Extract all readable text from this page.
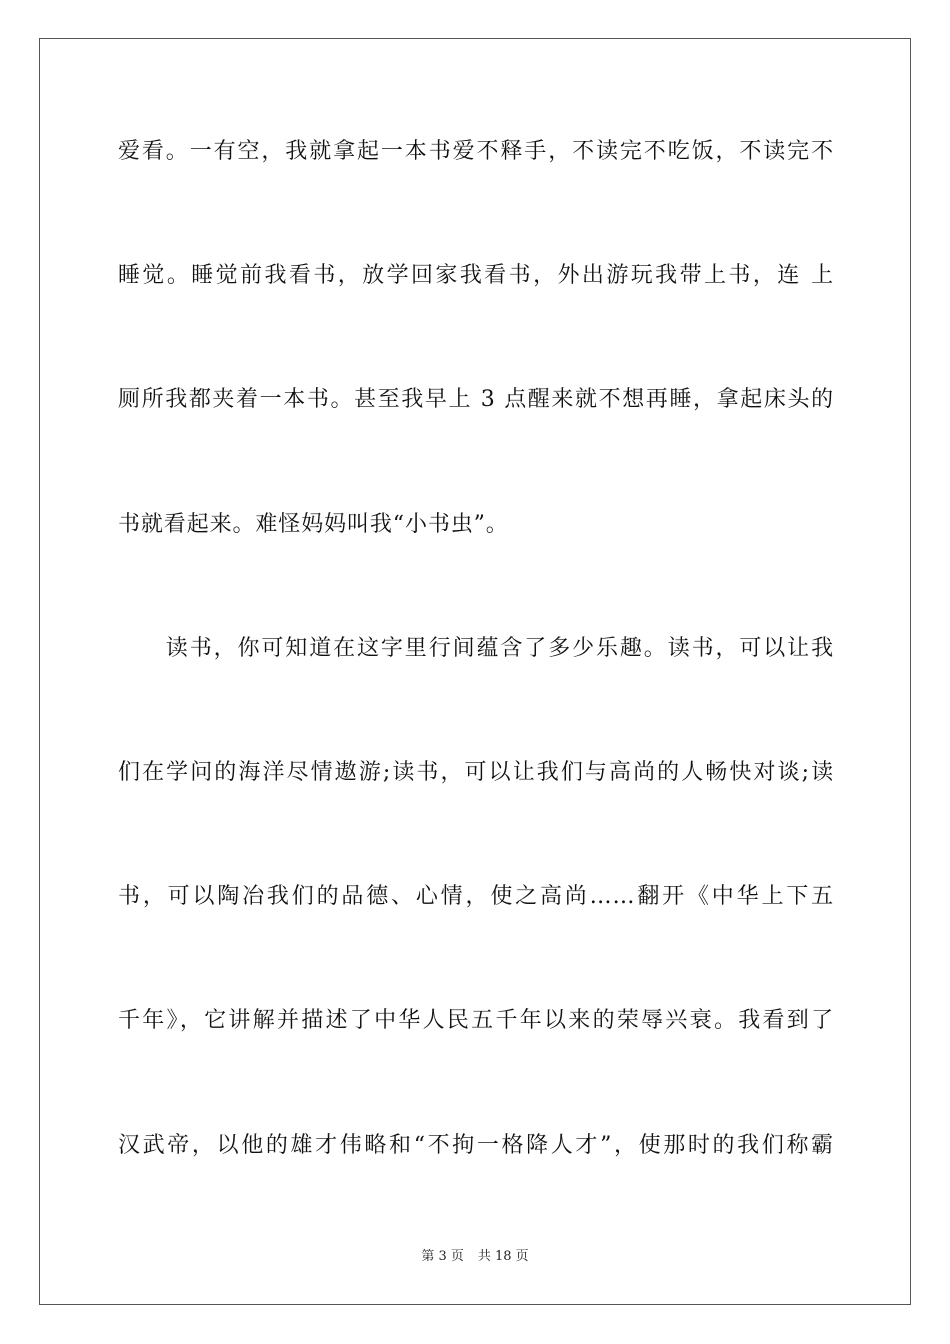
爱看。一有空，我就拿起一本书爱不释手，不读完不吃饭，不读完不
睡觉。睡觉前我看书，放学回家我看书，外出游玩我带上书，连 上
厕所我都夹着一本书。甚至我早上 3 点醒来就不想再睡，拿起床头的
书就看起来。难怪妈妈叫我“小书虫”。
　　读书，你可知道在这字里行间蕴含了多少乐趣。读书，可以让我
们在学问的海洋尽情遨游;读书，可以让我们与高尚的人畅快对谈;读
书，可以陶冶我们的品德、心情，使之高尚……翻开《中华上下五
千年》，它讲解并描述了中华人民五千年以来的荣辱兴衰。我看到了
汉武帝，以他的雄才伟略和“不拘一格降人才”，使那时的我们称霸
第 3 页 共 18 页
